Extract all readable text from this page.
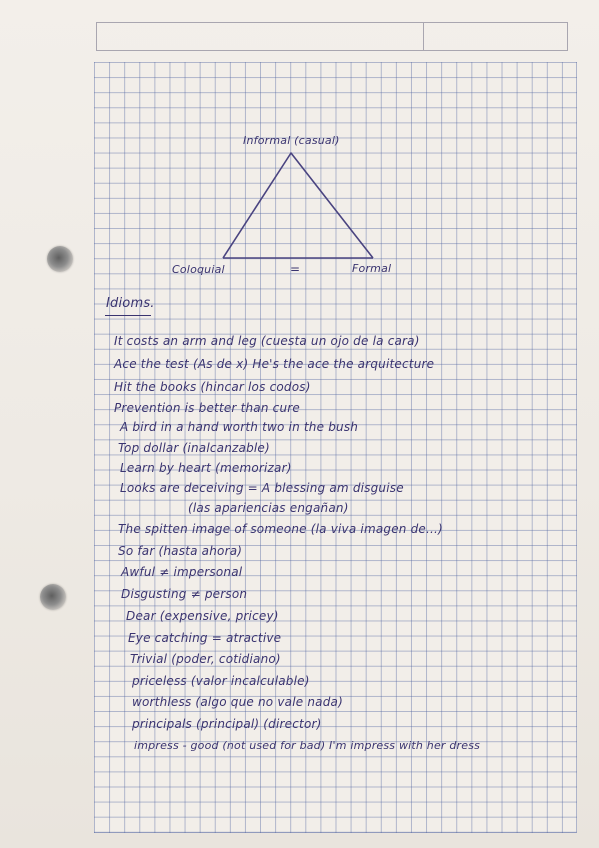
Informal (casual)
Coloquial	=	Formal
Idioms.
It costs an arm and leg (cuesta un ojo de la cara)
Ace the test (As de x) He's the ace the arquitecture
Hit the books (hincar los codos)
Prevention is better than cure
A bird in a hand worth two in the bush
Top dollar (inalcanzable)
Learn by heart (memorizar)
Looks are deceiving = A blessing am disguise
(las apariencias engañan)
The spitten image of someone (la viva imagen de...)
So far (hasta ahora)
Awful ≠ impersonal
Disgusting ≠ person
Dear (expensive, pricey)
Eye catching = atractive
Trivial (poder, cotidiano)
priceless (valor incalculable)
worthless (algo que no vale nada)
principals (principal) (director)
impress - good (not used for bad) I'm impress with her dress
